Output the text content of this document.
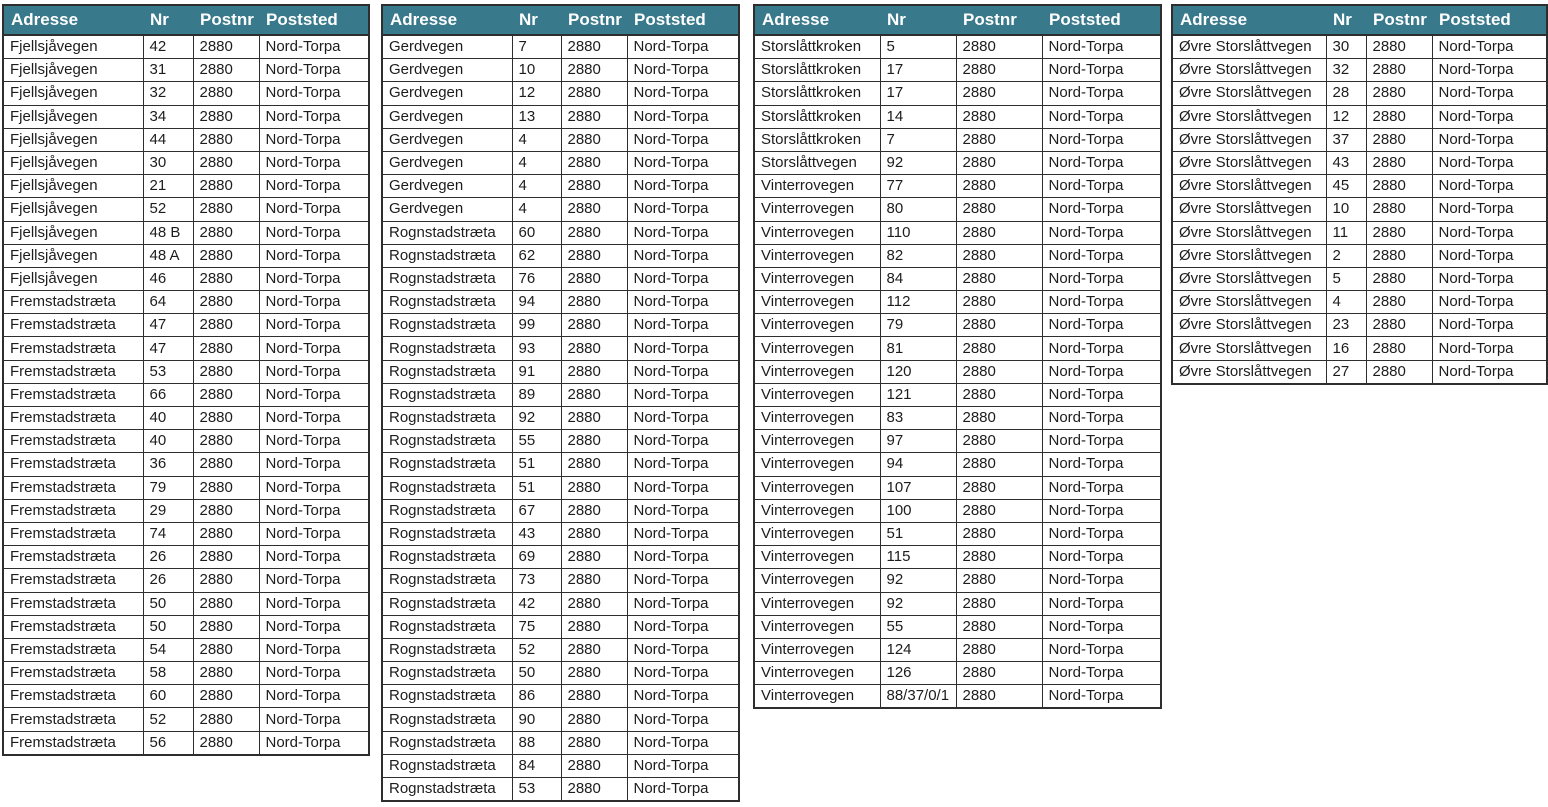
Adresse	Nr	Postnr	Poststed
Fjellsjåvegen	42	2880	Nord-Torpa
Fjellsjåvegen	31	2880	Nord-Torpa
Fjellsjåvegen	32	2880	Nord-Torpa
Fjellsjåvegen	34	2880	Nord-Torpa
Fjellsjåvegen	44	2880	Nord-Torpa
Fjellsjåvegen	30	2880	Nord-Torpa
Fjellsjåvegen	21	2880	Nord-Torpa
Fjellsjåvegen	52	2880	Nord-Torpa
Fjellsjåvegen	48 B	2880	Nord-Torpa
Fjellsjåvegen	48 A	2880	Nord-Torpa
Fjellsjåvegen	46	2880	Nord-Torpa
Fremstadstræta	64	2880	Nord-Torpa
Fremstadstræta	47	2880	Nord-Torpa
Fremstadstræta	47	2880	Nord-Torpa
Fremstadstræta	53	2880	Nord-Torpa
Fremstadstræta	66	2880	Nord-Torpa
Fremstadstræta	40	2880	Nord-Torpa
Fremstadstræta	40	2880	Nord-Torpa
Fremstadstræta	36	2880	Nord-Torpa
Fremstadstræta	79	2880	Nord-Torpa
Fremstadstræta	29	2880	Nord-Torpa
Fremstadstræta	74	2880	Nord-Torpa
Fremstadstræta	26	2880	Nord-Torpa
Fremstadstræta	26	2880	Nord-Torpa
Fremstadstræta	50	2880	Nord-Torpa
Fremstadstræta	50	2880	Nord-Torpa
Fremstadstræta	54	2880	Nord-Torpa
Fremstadstræta	58	2880	Nord-Torpa
Fremstadstræta	60	2880	Nord-Torpa
Fremstadstræta	52	2880	Nord-Torpa
Fremstadstræta	56	2880	Nord-Torpa
Adresse	Nr	Postnr	Poststed
Gerdvegen	7	2880	Nord-Torpa
Gerdvegen	10	2880	Nord-Torpa
Gerdvegen	12	2880	Nord-Torpa
Gerdvegen	13	2880	Nord-Torpa
Gerdvegen	4	2880	Nord-Torpa
Gerdvegen	4	2880	Nord-Torpa
Gerdvegen	4	2880	Nord-Torpa
Gerdvegen	4	2880	Nord-Torpa
Rognstadstræta	60	2880	Nord-Torpa
Rognstadstræta	62	2880	Nord-Torpa
Rognstadstræta	76	2880	Nord-Torpa
Rognstadstræta	94	2880	Nord-Torpa
Rognstadstræta	99	2880	Nord-Torpa
Rognstadstræta	93	2880	Nord-Torpa
Rognstadstræta	91	2880	Nord-Torpa
Rognstadstræta	89	2880	Nord-Torpa
Rognstadstræta	92	2880	Nord-Torpa
Rognstadstræta	55	2880	Nord-Torpa
Rognstadstræta	51	2880	Nord-Torpa
Rognstadstræta	51	2880	Nord-Torpa
Rognstadstræta	67	2880	Nord-Torpa
Rognstadstræta	43	2880	Nord-Torpa
Rognstadstræta	69	2880	Nord-Torpa
Rognstadstræta	73	2880	Nord-Torpa
Rognstadstræta	42	2880	Nord-Torpa
Rognstadstræta	75	2880	Nord-Torpa
Rognstadstræta	52	2880	Nord-Torpa
Rognstadstræta	50	2880	Nord-Torpa
Rognstadstræta	86	2880	Nord-Torpa
Rognstadstræta	90	2880	Nord-Torpa
Rognstadstræta	88	2880	Nord-Torpa
Rognstadstræta	84	2880	Nord-Torpa
Rognstadstræta	53	2880	Nord-Torpa
Adresse	Nr	Postnr	Poststed
Storslåttkroken	5	2880	Nord-Torpa
Storslåttkroken	17	2880	Nord-Torpa
Storslåttkroken	17	2880	Nord-Torpa
Storslåttkroken	14	2880	Nord-Torpa
Storslåttkroken	7	2880	Nord-Torpa
Storslåttvegen	92	2880	Nord-Torpa
Vinterrovegen	77	2880	Nord-Torpa
Vinterrovegen	80	2880	Nord-Torpa
Vinterrovegen	110	2880	Nord-Torpa
Vinterrovegen	82	2880	Nord-Torpa
Vinterrovegen	84	2880	Nord-Torpa
Vinterrovegen	112	2880	Nord-Torpa
Vinterrovegen	79	2880	Nord-Torpa
Vinterrovegen	81	2880	Nord-Torpa
Vinterrovegen	120	2880	Nord-Torpa
Vinterrovegen	121	2880	Nord-Torpa
Vinterrovegen	83	2880	Nord-Torpa
Vinterrovegen	97	2880	Nord-Torpa
Vinterrovegen	94	2880	Nord-Torpa
Vinterrovegen	107	2880	Nord-Torpa
Vinterrovegen	100	2880	Nord-Torpa
Vinterrovegen	51	2880	Nord-Torpa
Vinterrovegen	115	2880	Nord-Torpa
Vinterrovegen	92	2880	Nord-Torpa
Vinterrovegen	92	2880	Nord-Torpa
Vinterrovegen	55	2880	Nord-Torpa
Vinterrovegen	124	2880	Nord-Torpa
Vinterrovegen	126	2880	Nord-Torpa
Vinterrovegen	88/37/0/1	2880	Nord-Torpa
Adresse	Nr	Postnr	Poststed
Øvre Storslåttvegen	30	2880	Nord-Torpa
Øvre Storslåttvegen	32	2880	Nord-Torpa
Øvre Storslåttvegen	28	2880	Nord-Torpa
Øvre Storslåttvegen	12	2880	Nord-Torpa
Øvre Storslåttvegen	37	2880	Nord-Torpa
Øvre Storslåttvegen	43	2880	Nord-Torpa
Øvre Storslåttvegen	45	2880	Nord-Torpa
Øvre Storslåttvegen	10	2880	Nord-Torpa
Øvre Storslåttvegen	11	2880	Nord-Torpa
Øvre Storslåttvegen	2	2880	Nord-Torpa
Øvre Storslåttvegen	5	2880	Nord-Torpa
Øvre Storslåttvegen	4	2880	Nord-Torpa
Øvre Storslåttvegen	23	2880	Nord-Torpa
Øvre Storslåttvegen	16	2880	Nord-Torpa
Øvre Storslåttvegen	27	2880	Nord-Torpa
